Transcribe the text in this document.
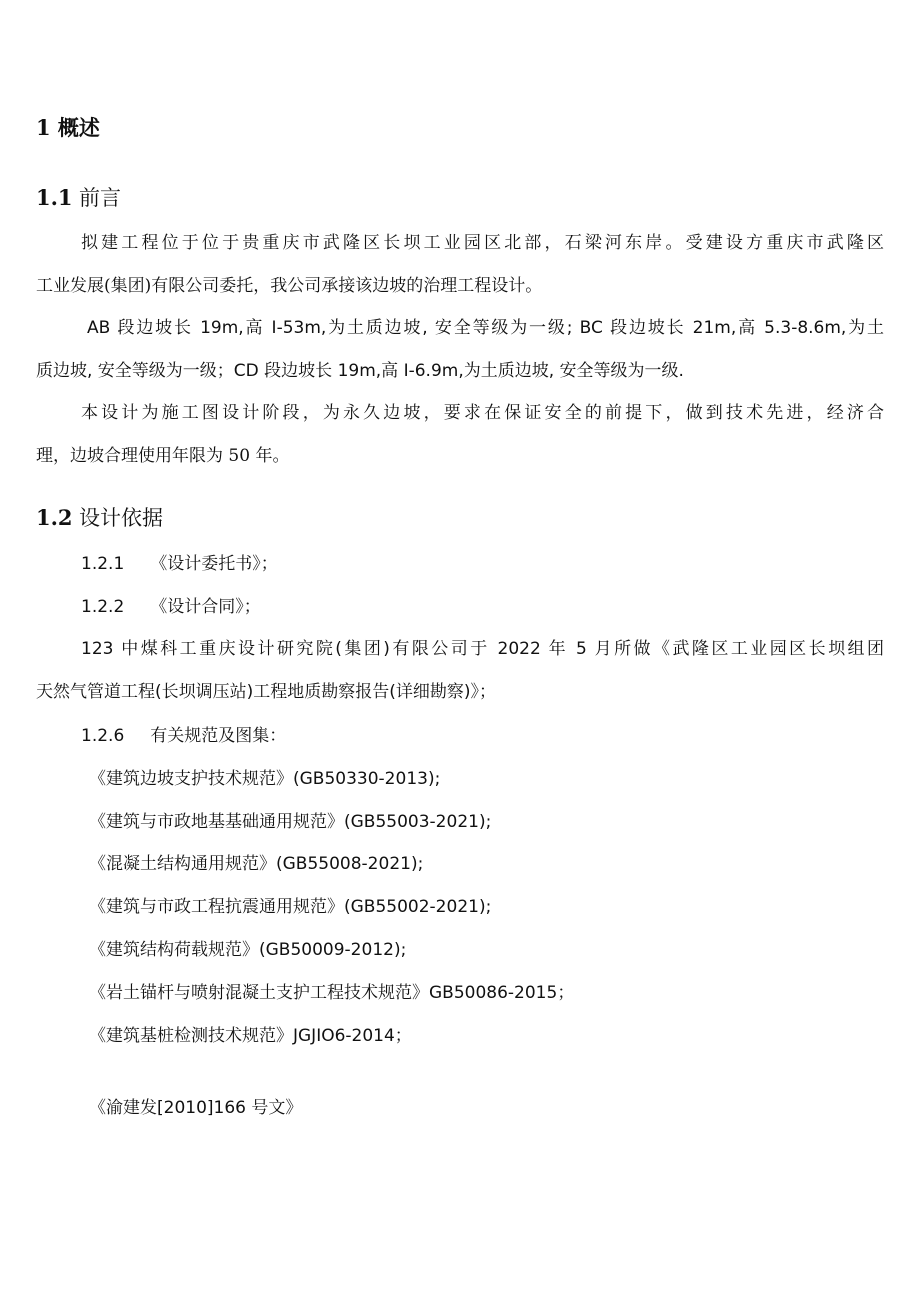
1 概述
1.1 前言
拟建工程位于位于贵重庆市武隆区长坝工业园区北部，石梁河东岸。受建设方重庆市武隆区
工业发展(集团)有限公司委托，我公司承接该边坡的治理工程设计。
AB 段边坡长 19m,高 I-53m,为土质边坡, 安全等级为一级; BC 段边坡长 21m,高 5.3-8.6m,为土
质边坡, 安全等级为一级；CD 段边坡长 19m,高 I-6.9m,为土质边坡, 安全等级为一级.
本设计为施工图设计阶段，为永久边坡，要求在保证安全的前提下，做到技术先进，经济合
理，边坡合理使用年限为 50 年。
1.2 设计依据
1.2.1 《设计委托书》；
1.2.2 《设计合同》；
123 中煤科工重庆设计研究院(集团)有限公司于 2022 年 5 月所做《武隆区工业园区长坝组团
天然气管道工程(长坝调压站)工程地质勘察报告(详细勘察)》；
1.2.6 有关规范及图集：
《建筑边坡支护技术规范》(GB50330-2013);
《建筑与市政地基基础通用规范》(GB55003-2021);
《混凝土结构通用规范》(GB55008-2021);
《建筑与市政工程抗震通用规范》(GB55002-2021);
《建筑结构荷载规范》(GB50009-2012);
《岩土锚杆与喷射混凝土支护工程技术规范》GB50086-2015；
《建筑基桩检测技术规范》JGJIO6-2014；
《渝建发[2010]166 号文》
